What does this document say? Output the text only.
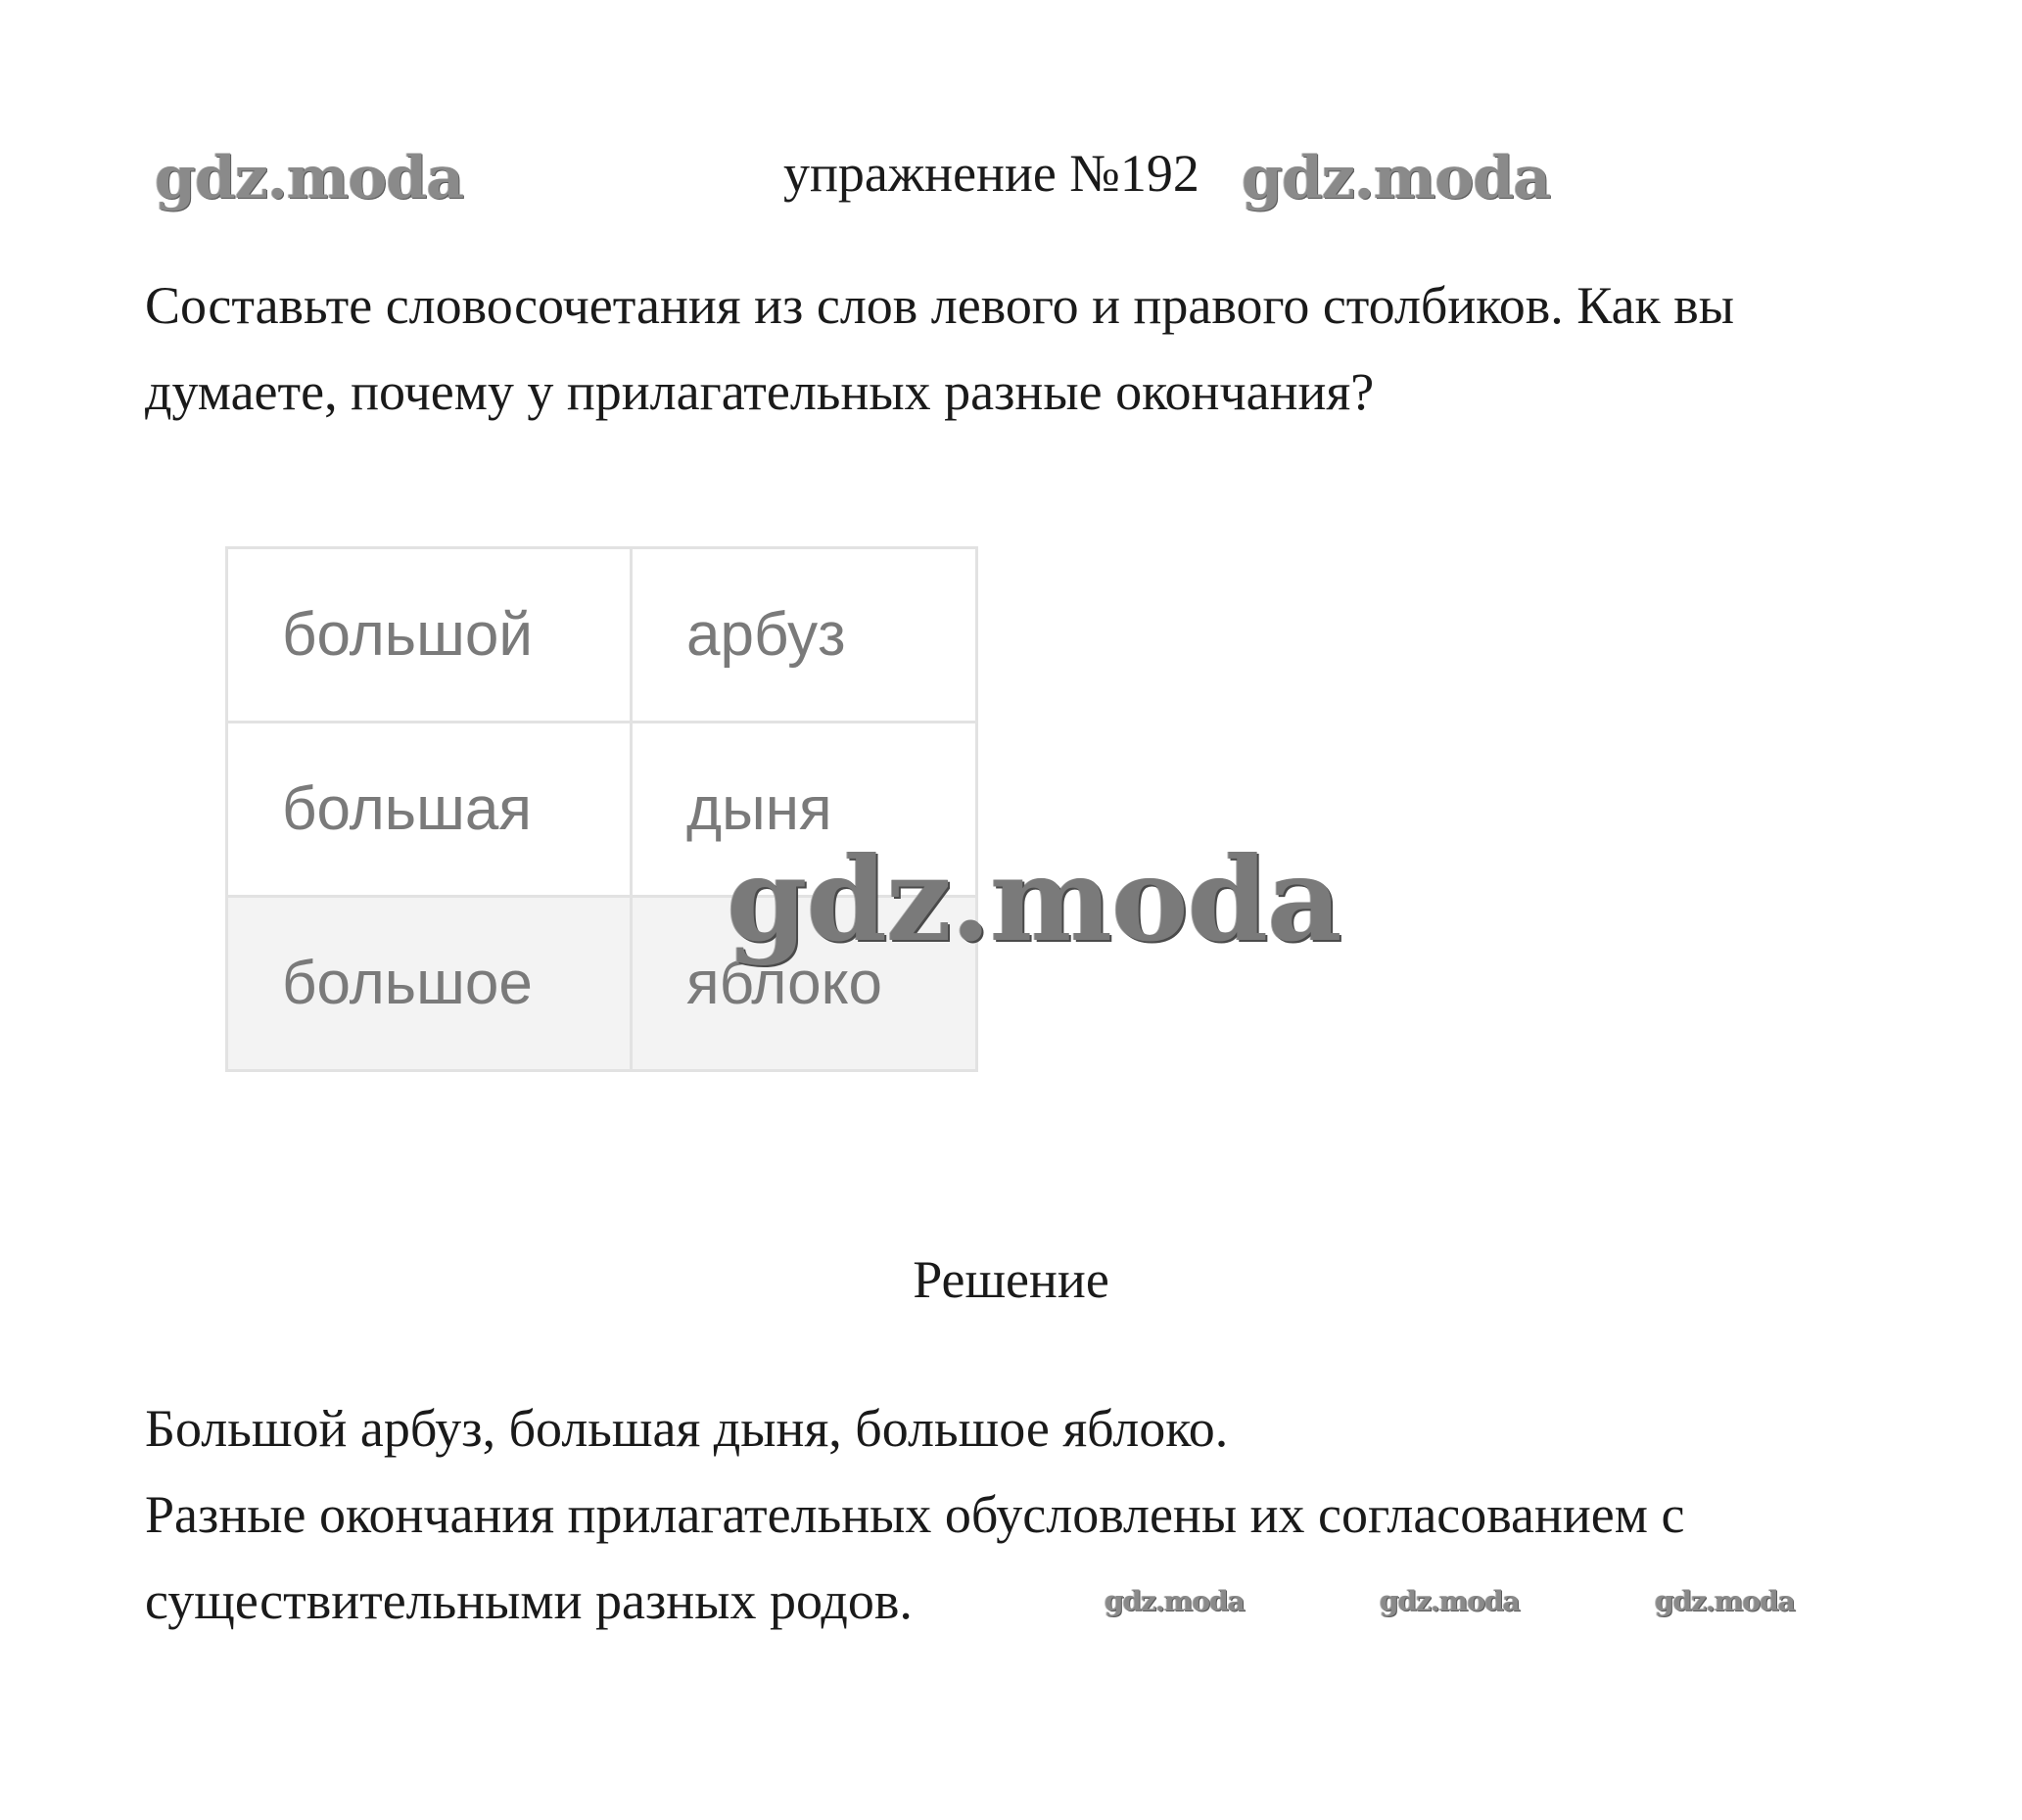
gdz.moda	упражнение №192 gdz.moda
Составьте словосочетания из слов левого и правого столбиков. Как вы думаете, почему у прилагательных разные окончания?
большой	арбуз
большая	дыня
большое	яблоко
gdz.moda
Решение

Большой арбуз, большая дыня, большое яблоко.

Разные окончания прилагательных обусловлены их согласованием с существительными разных родов.	gdz.moda	gdz.moda	gdz.moda
